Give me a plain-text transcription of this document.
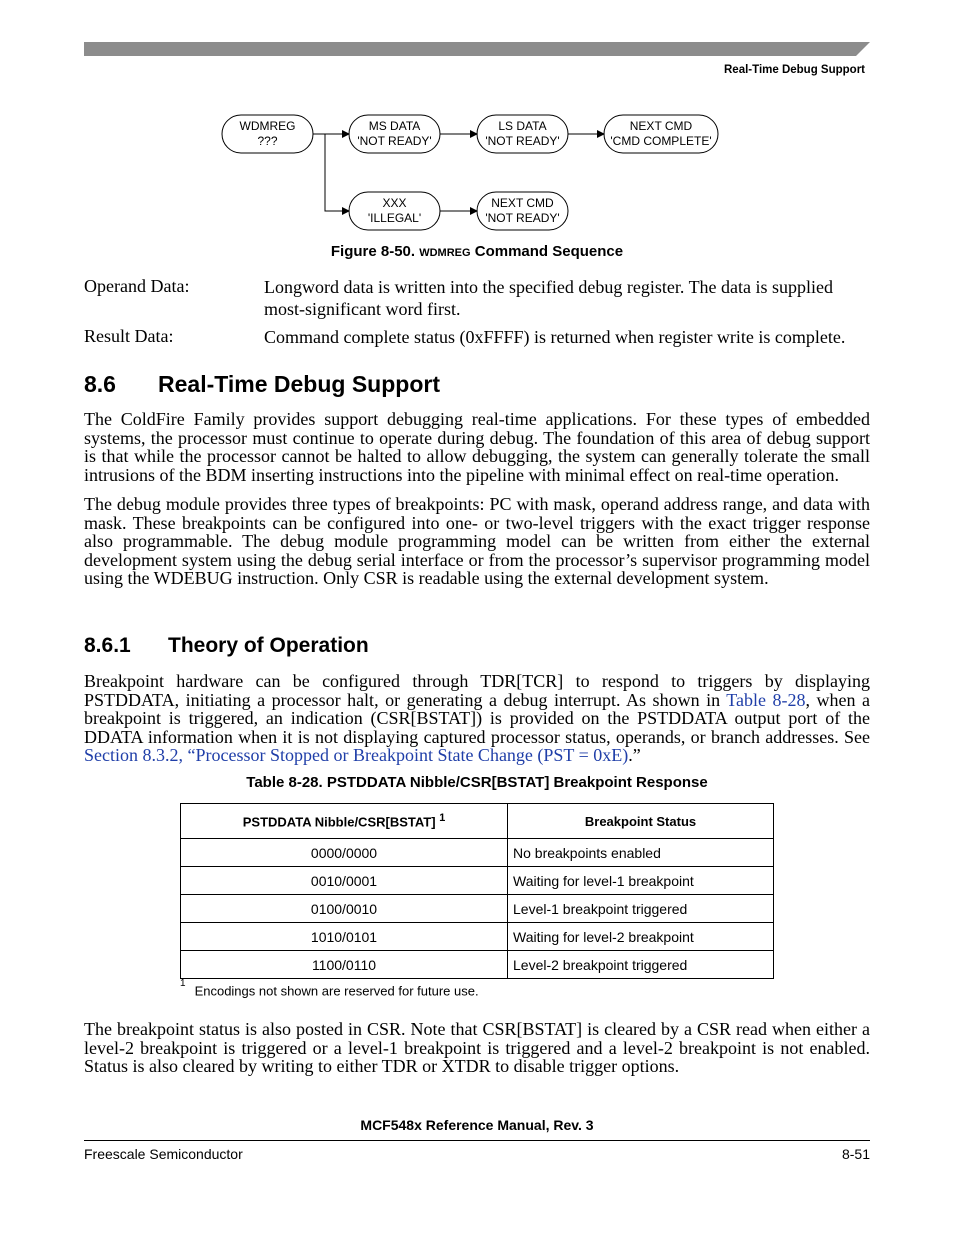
Real-Time Debug Support
WDMREG
???
MS DATA
'NOT READY'
LS DATA
'NOT READY'
NEXT CMD
'CMD COMPLETE'
XXX
'ILLEGAL'
NEXT CMD
'NOT READY'
Figure 8-50. WDMREG Command Sequence
Operand Data:	Longword data is written into the specified debug register. The data is supplied most-significant word first.
Result Data:	Command complete status (0xFFFF) is returned when register write is complete.
8.6 Real-Time Debug Support
The ColdFire Family provides support debugging real-time applications. For these types of embedded systems, the processor must continue to operate during debug. The foundation of this area of debug support is that while the processor cannot be halted to allow debugging, the system can generally tolerate the small intrusions of the BDM inserting instructions into the pipeline with minimal effect on real-time operation.
The debug module provides three types of breakpoints: PC with mask, operand address range, and data with mask. These breakpoints can be configured into one- or two-level triggers with the exact trigger response also programmable. The debug module programming model can be written from either the external development system using the debug serial interface or from the processor’s supervisor programming model using the WDEBUG instruction. Only CSR is readable using the external development system.
8.6.1 Theory of Operation
Breakpoint hardware can be configured through TDR[TCR] to respond to triggers by displaying PSTDDATA, initiating a processor halt, or generating a debug interrupt. As shown in Table 8-28, when a breakpoint is triggered, an indication (CSR[BSTAT]) is provided on the PSTDDATA output port of the DDATA information when it is not displaying captured processor status, operands, or branch addresses. See Section 8.3.2, “Processor Stopped or Breakpoint State Change (PST = 0xE).”
Table 8-28. PSTDDATA Nibble/CSR[BSTAT] Breakpoint Response
PSTDDATA Nibble/CSR[BSTAT] $^1$	Breakpoint Status
0000/0000	No breakpoints enabled
0010/0001	Waiting for level-1 breakpoint
0100/0010	Level-1 breakpoint triggered
1010/0101	Waiting for level-2 breakpoint
1100/0110	Level-2 breakpoint triggered
$^1$ Encodings not shown are reserved for future use.
The breakpoint status is also posted in CSR. Note that CSR[BSTAT] is cleared by a CSR read when either a level-2 breakpoint is triggered or a level-1 breakpoint is triggered and a level-2 breakpoint is not enabled. Status is also cleared by writing to either TDR or XTDR to disable trigger options.
MCF548x Reference Manual, Rev. 3
Freescale Semiconductor	8-51
